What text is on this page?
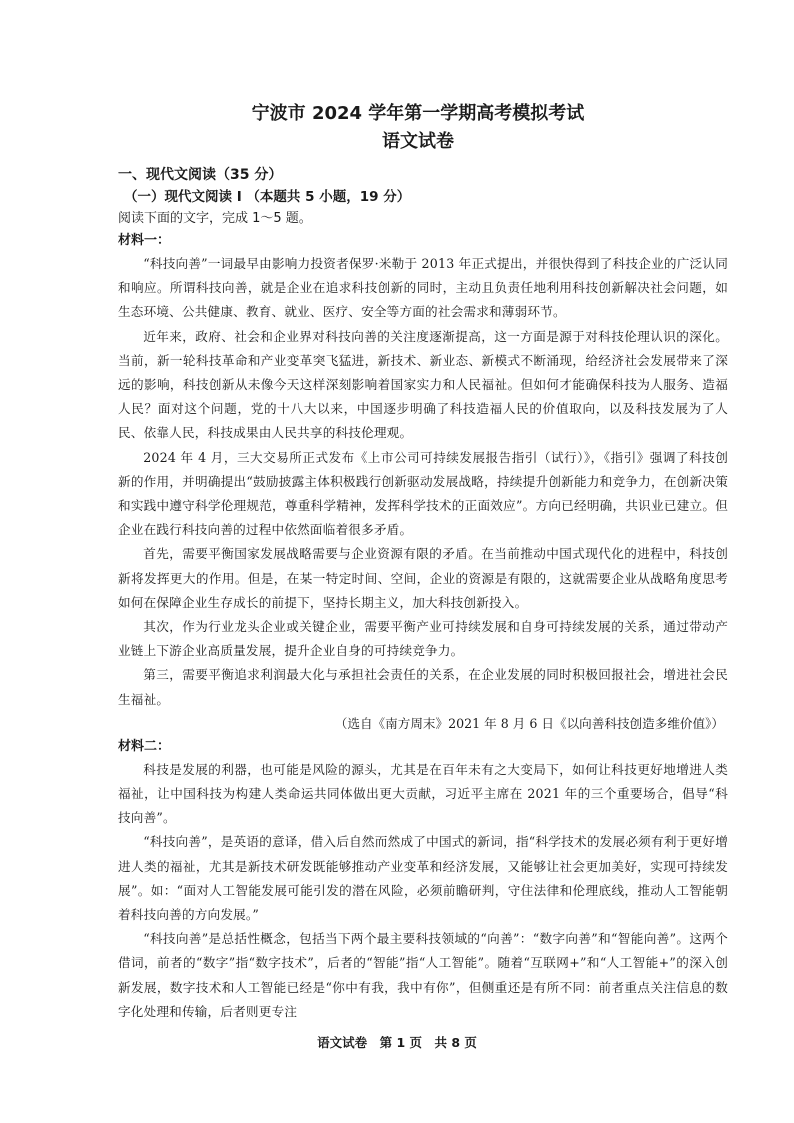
宁波市 2024 学年第一学期高考模拟考试
语文试卷
一、现代文阅读（35 分）
（一）现代文阅读 I （本题共 5 小题，19 分）
阅读下面的文字，完成 1～5 题。
材料一：

“科技向善”一词最早由影响力投资者保罗·米勒于 2013 年正式提出，并很快得到了科技企业的广泛认同和响应。所谓科技向善，就是企业在追求科技创新的同时，主动且负责任地利用科技创新解决社会问题，如生态环境、公共健康、教育、就业、医疗、安全等方面的社会需求和薄弱环节。

近年来，政府、社会和企业界对科技向善的关注度逐渐提高，这一方面是源于对科技伦理认识的深化。当前，新一轮科技革命和产业变革突飞猛进，新技术、新业态、新模式不断涌现，给经济社会发展带来了深远的影响，科技创新从未像今天这样深刻影响着国家实力和人民福祉。但如何才能确保科技为人服务、造福人民？面对这个问题，党的十八大以来，中国逐步明确了科技造福人民的价值取向，以及科技发展为了人民、依靠人民，科技成果由人民共享的科技伦理观。

2024 年 4 月，三大交易所正式发布《上市公司可持续发展报告指引（试行）》，《指引》强调了科技创新的作用，并明确提出“鼓励披露主体积极践行创新驱动发展战略，持续提升创新能力和竞争力，在创新决策和实践中遵守科学伦理规范，尊重科学精神，发挥科学技术的正面效应”。方向已经明确，共识业已建立。但企业在践行科技向善的过程中依然面临着很多矛盾。

首先，需要平衡国家发展战略需要与企业资源有限的矛盾。在当前推动中国式现代化的进程中，科技创新将发挥更大的作用。但是，在某一特定时间、空间，企业的资源是有限的，这就需要企业从战略角度思考如何在保障企业生存成长的前提下，坚持长期主义，加大科技创新投入。

其次，作为行业龙头企业或关键企业，需要平衡产业可持续发展和自身可持续发展的关系，通过带动产业链上下游企业高质量发展，提升企业自身的可持续竞争力。

第三，需要平衡追求利润最大化与承担社会责任的关系，在企业发展的同时积极回报社会，增进社会民生福祉。

（选自《南方周末》2021 年 8 月 6 日《以向善科技创造多维价值》）

材料二：

科技是发展的利器，也可能是风险的源头，尤其是在百年未有之大变局下，如何让科技更好地增进人类福祉，让中国科技为构建人类命运共同体做出更大贡献，习近平主席在 2021 年的三个重要场合，倡导“科技向善”。

“科技向善”，是英语的意译，借入后自然而然成了中国式的新词，指“科学技术的发展必须有利于更好增进人类的福祉，尤其是新技术研发既能够推动产业变革和经济发展，又能够让社会更加美好，实现可持续发展”。如：“面对人工智能发展可能引发的潜在风险，必须前瞻研判，守住法律和伦理底线，推动人工智能朝着科技向善的方向发展。”

“科技向善”是总括性概念，包括当下两个最主要科技领域的“向善”：“数字向善”和“智能向善”。这两个借词，前者的“数字”指“数字技术”，后者的“智能”指“人工智能”。随着“互联网+”和“人工智能+”的深入创新发展，数字技术和人工智能已经是“你中有我，我中有你”，但侧重还是有所不同：前者重点关注信息的数字化处理和传输，后者则更专注

语文试卷　第 1 页　共 8 页
